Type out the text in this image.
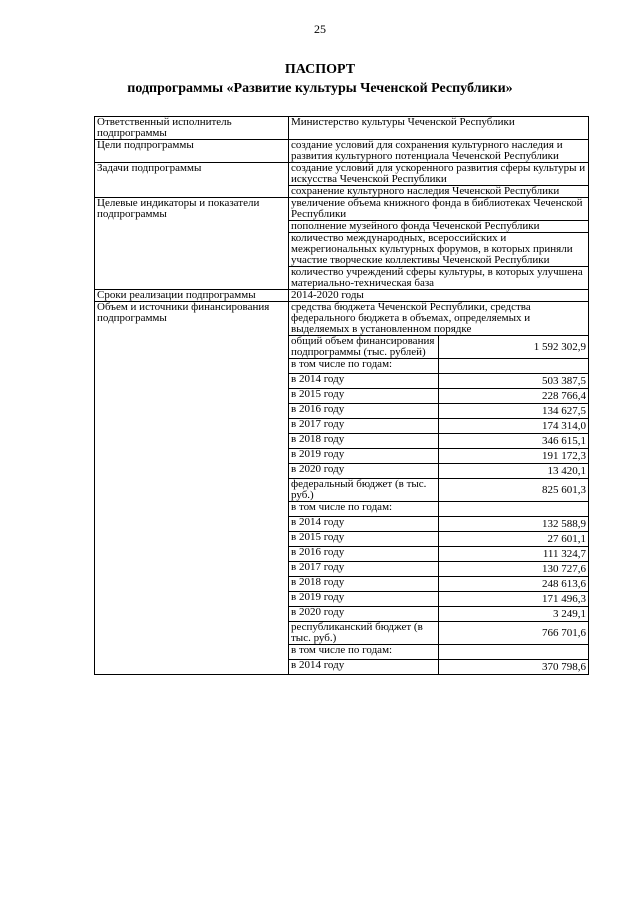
25
ПАСПОРТ
подпрограммы «Развитие культуры Чеченской Республики»
Ответственный исполнитель подпрограммы	Министерство культуры Чеченской Республики	
Цели подпрограммы	создание условий для сохранения культурного наследия и развития культурного потенциала Чеченской Республики	
Задачи подпрограммы	создание условий для ускоренного развития сферы культуры и искусства Чеченской Республики	
	сохранение культурного наследия Чеченской Республики	
Целевые индикаторы и показатели подпрограммы	увеличение объема книжного фонда в библиотеках Чеченской Республики	
	пополнение музейного фонда Чеченской Республики	
	количество международных, всероссийских и межрегиональных культурных форумов, в которых приняли участие творческие коллективы Чеченской Республики	
	количество учреждений сферы культуры, в которых улучшена материально-техническая база	
Сроки реализации подпрограммы	2014-2020 годы	
Объем и источники финансирования подпрограммы	средства бюджета Чеченской Республики, средства федерального бюджета в объемах, определяемых и выделяемых в установленном порядке	
	общий объем финансирования подпрограммы (тыс. рублей)	1 592 302,9
	в том числе по годам:	
	в 2014 году	503 387,5
	в 2015 году	228 766,4
	в 2016 году	134 627,5
	в 2017 году	174 314,0
	в 2018 году	346 615,1
	в 2019 году	191 172,3
	в 2020 году	13 420,1
	федеральный бюджет (в тыс. руб.)	825 601,3
	в том числе по годам:	
	в 2014 году	132 588,9
	в 2015 году	27 601,1
	в 2016 году	111 324,7
	в 2017 году	130 727,6
	в 2018 году	248 613,6
	в 2019 году	171 496,3
	в 2020 году	3 249,1
	республиканский бюджет (в тыс. руб.)	766 701,6
	в том числе по годам:	
	в 2014 году	370 798,6
